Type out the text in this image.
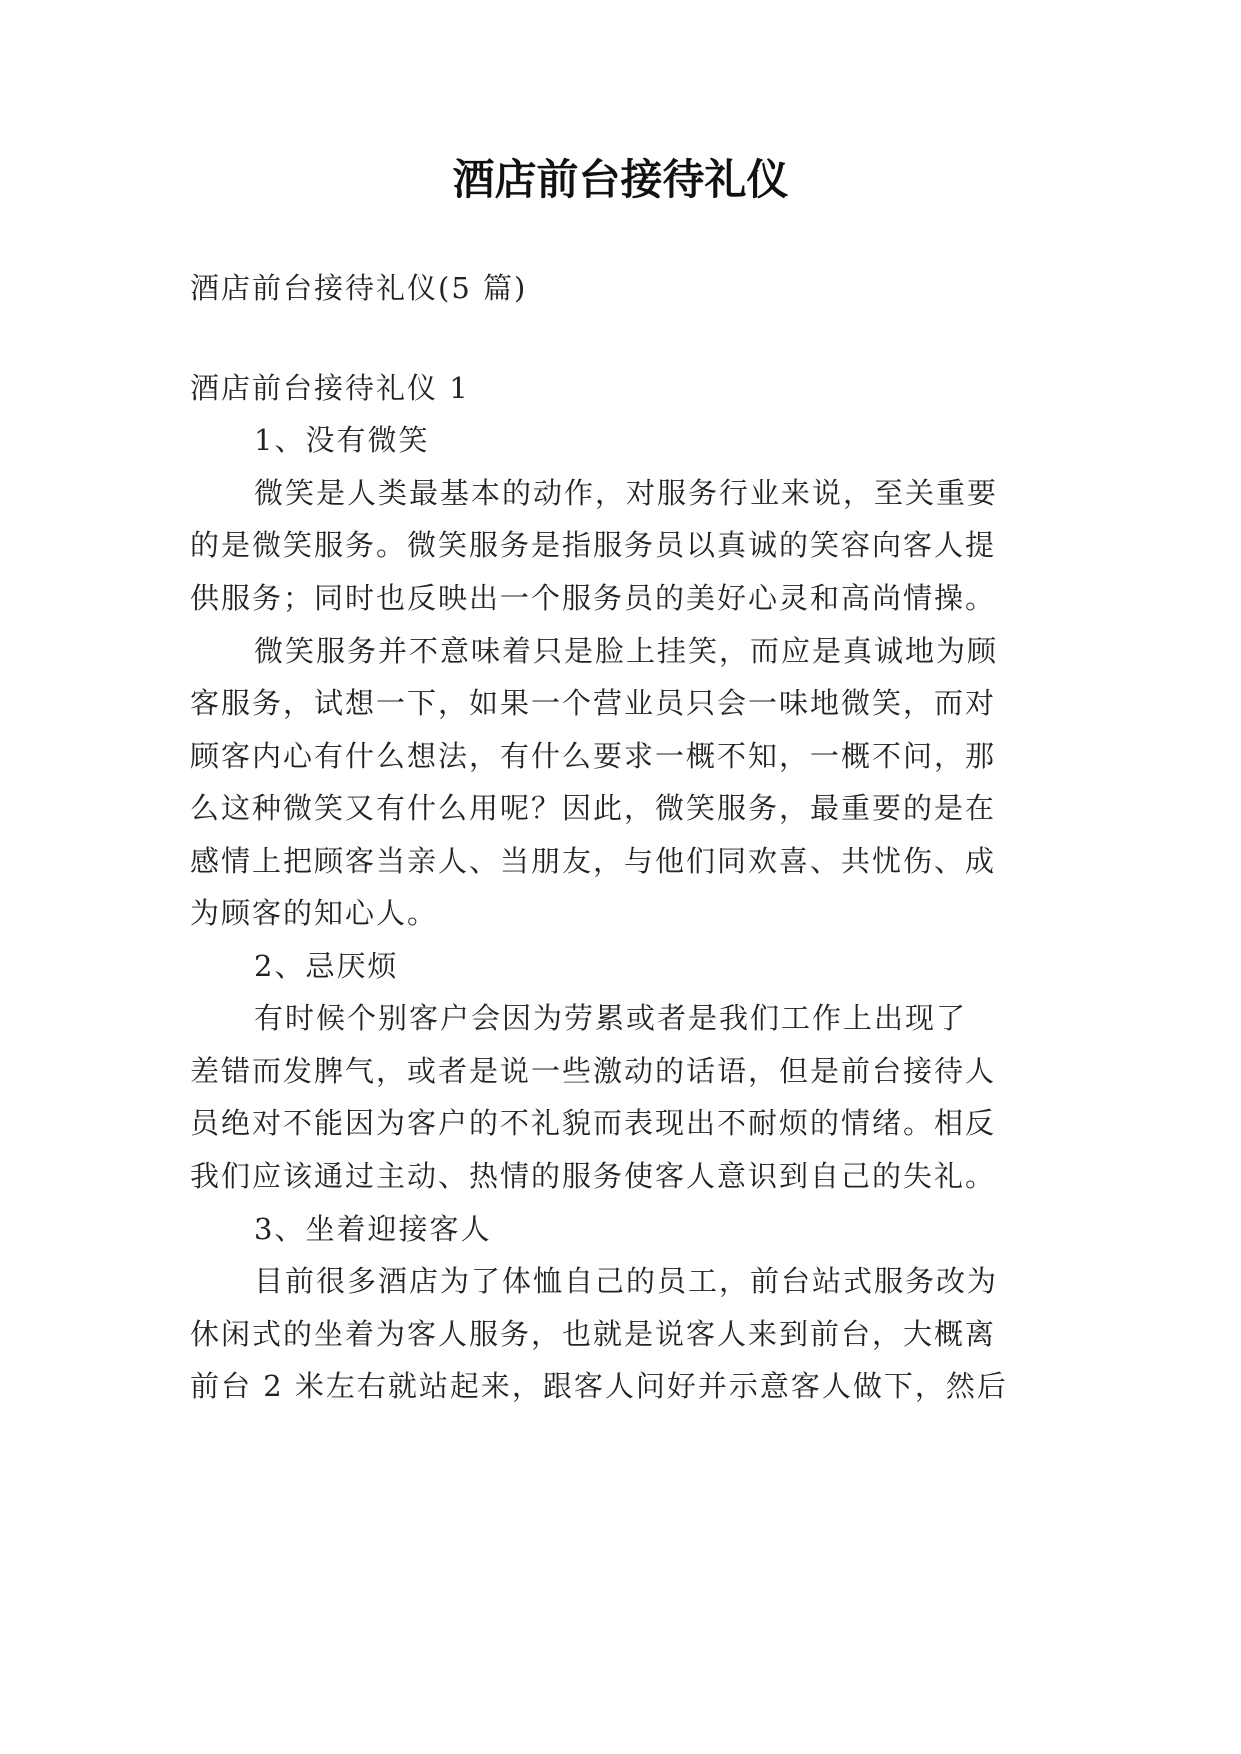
酒店前台接待礼仪

酒店前台接待礼仪(5 篇)

酒店前台接待礼仪 1

1、没有微笑

微笑是人类最基本的动作，对服务行业来说，至关重要

的是微笑服务。微笑服务是指服务员以真诚的笑容向客人提

供服务；同时也反映出一个服务员的美好心灵和高尚情操。

微笑服务并不意味着只是脸上挂笑，而应是真诚地为顾

客服务，试想一下，如果一个营业员只会一味地微笑，而对

顾客内心有什么想法，有什么要求一概不知，一概不问，那

么这种微笑又有什么用呢？因此，微笑服务，最重要的是在

感情上把顾客当亲人、当朋友，与他们同欢喜、共忧伤、成

为顾客的知心人。

2、忌厌烦

有时候个别客户会因为劳累或者是我们工作上出现了

差错而发脾气，或者是说一些激动的话语，但是前台接待人

员绝对不能因为客户的不礼貌而表现出不耐烦的情绪。相反

我们应该通过主动、热情的服务使客人意识到自己的失礼。

3、坐着迎接客人

目前很多酒店为了体恤自己的员工，前台站式服务改为

休闲式的坐着为客人服务，也就是说客人来到前台，大概离

前台 2 米左右就站起来，跟客人问好并示意客人做下，然后
